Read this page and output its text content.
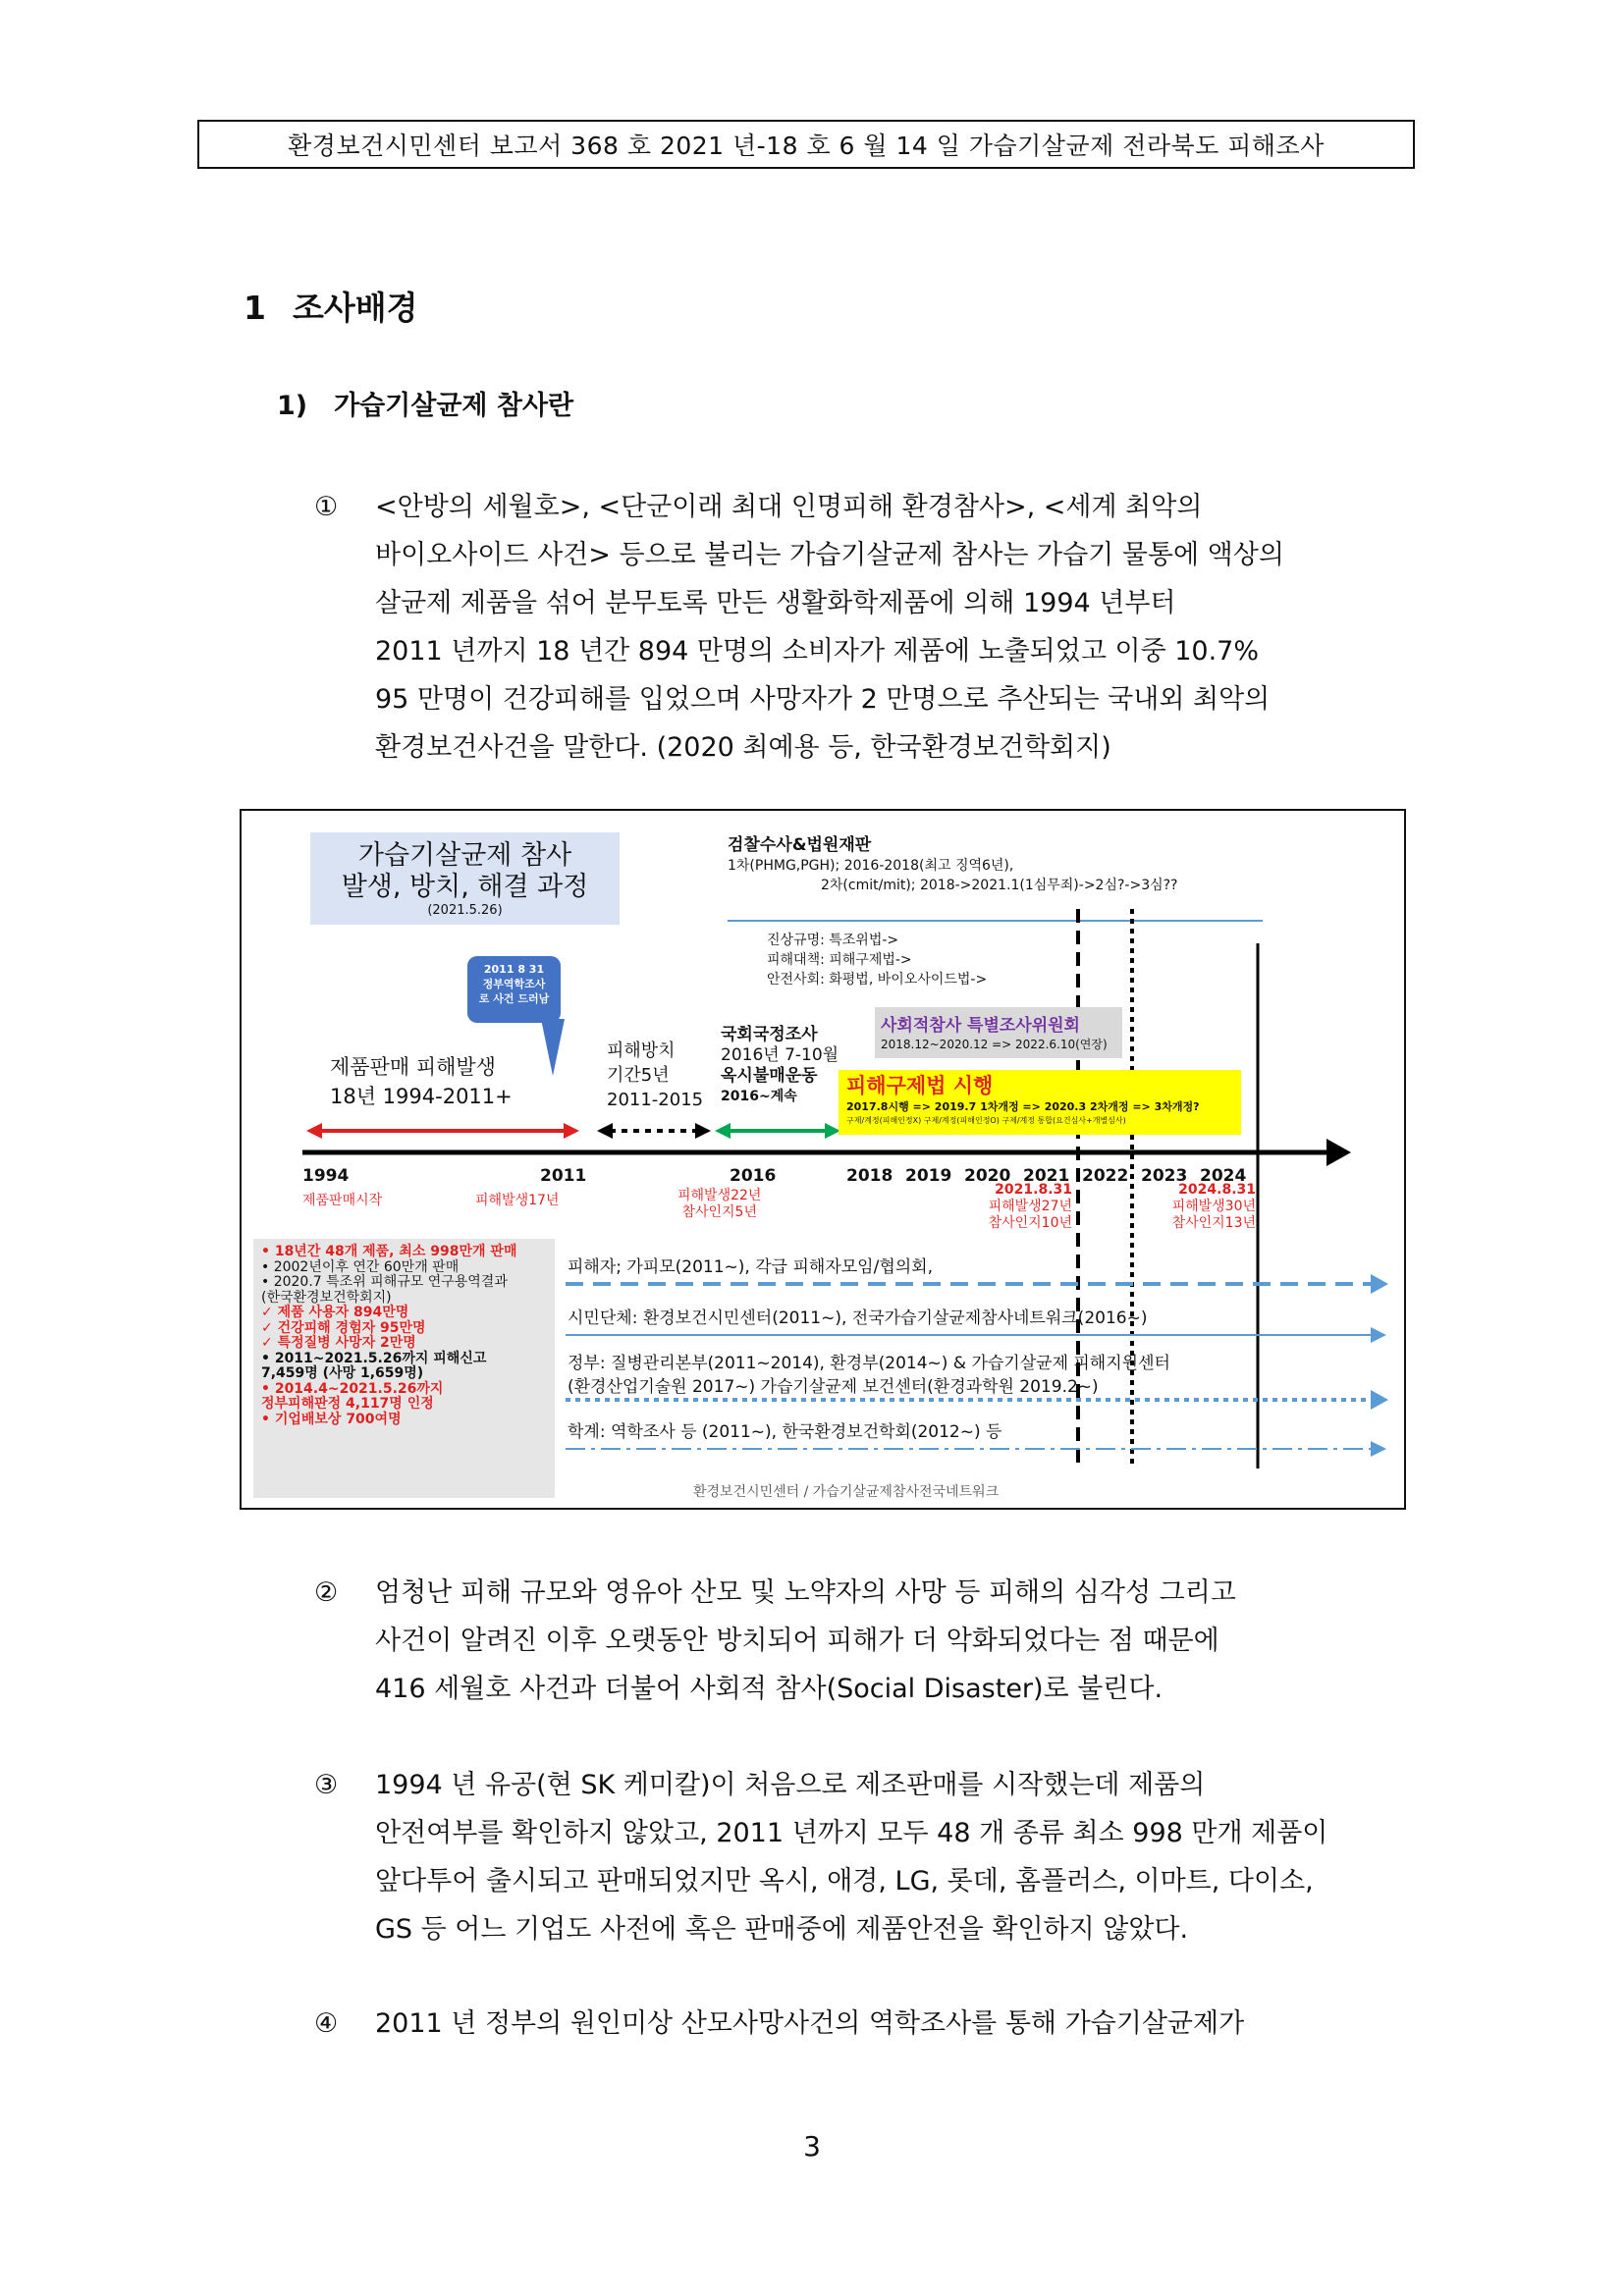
환경보건시민센터 보고서 368 호 2021 년-18 호 6 월 14 일 가습기살균제 전라북도 피해조사
1 조사배경
1) 가습기살균제 참사란
①	<안방의 세월호>, <단군이래 최대 인명피해 환경참사>, <세계 최악의
바이오사이드 사건> 등으로 불리는 가습기살균제 참사는 가습기 물통에 액상의
살균제 제품을 섞어 분무토록 만든 생활화학제품에 의해 1994 년부터
2011 년까지 18 년간 894 만명의 소비자가 제품에 노출되었고 이중 10.7%
95 만명이 건강피해를 입었으며 사망자가 2 만명으로 추산되는 국내외 최악의
환경보건사건을 말한다. (2020 최예용 등, 한국환경보건학회지)
가습기살균제 참사
발생, 방치, 해결 과정
(2021.5.26)
2011 8 31
정부역학조사
로 사건 드러남
검찰수사&법원재판
1차(PHMG,PGH); 2016-2018(최고 징역6년),
2차(cmit/mit); 2018->2021.1(1심무죄)->2심?->3심??
진상규명: 특조위법->
피해대책: 피해구제법->
안전사회: 화평법, 바이오사이드법->
국회국정조사
2016년 7-10월
옥시불매운동
2016~계속
사회적참사 특별조사위원회
2018.12~2020.12 => 2022.6.10(연장)
피해구제법 시행
2017.8시행 => 2019.7 1차개정 => 2020.3 2차개정 => 3차개정?
구제/계정(피해인정X) 구제/계정(피해인정O) 구제/계정 통합(요건심사+개별심사)
제품판매 피해발생
18년 1994-2011+
피해방치
기간5년
2011-2015
1994	2011	2016	2018 2019 2020 2021 2022 2023 2024
제품판매시작	피해발생17년	피해발생22년
참사인지5년
2021.8.31
피해발생27년
참사인지10년
2024.8.31
피해발생30년
참사인지13년
• 18년간 48개 제품, 최소 998만개 판매
• 2002년이후 연간 60만개 판매
• 2020.7 특조위 피해규모 연구용역결과
(한국환경보건학회지)
✓ 제품 사용자 894만명
✓ 건강피해 경험자 95만명
✓ 특정질병 사망자 2만명
• 2011~2021.5.26까지 피해신고
7,459명 (사망 1,659명)
• 2014.4~2021.5.26까지
정부피해판정 4,117명 인정
• 기업배보상 700여명
피해자; 가피모(2011~), 각급 피해자모임/협의회,
시민단체: 환경보건시민센터(2011~), 전국가습기살균제참사네트워크(2016~)
정부: 질병관리본부(2011~2014), 환경부(2014~) & 가습기살균제 피해지원센터
(환경산업기술원 2017~) 가습기살균제 보건센터(환경과학원 2019.2~)
학계: 역학조사 등 (2011~), 한국환경보건학회(2012~) 등
환경보건시민센터 / 가습기살균제참사전국네트워크
②	엄청난 피해 규모와 영유아 산모 및 노약자의 사망 등 피해의 심각성 그리고
사건이 알려진 이후 오랫동안 방치되어 피해가 더 악화되었다는 점 때문에
416 세월호 사건과 더불어 사회적 참사(Social Disaster)로 불린다.
③	1994 년 유공(현 SK 케미칼)이 처음으로 제조판매를 시작했는데 제품의
안전여부를 확인하지 않았고, 2011 년까지 모두 48 개 종류 최소 998 만개 제품이
앞다투어 출시되고 판매되었지만 옥시, 애경, LG, 롯데, 홈플러스, 이마트, 다이소,
GS 등 어느 기업도 사전에 혹은 판매중에 제품안전을 확인하지 않았다.
④	2011 년 정부의 원인미상 산모사망사건의 역학조사를 통해 가습기살균제가
3
